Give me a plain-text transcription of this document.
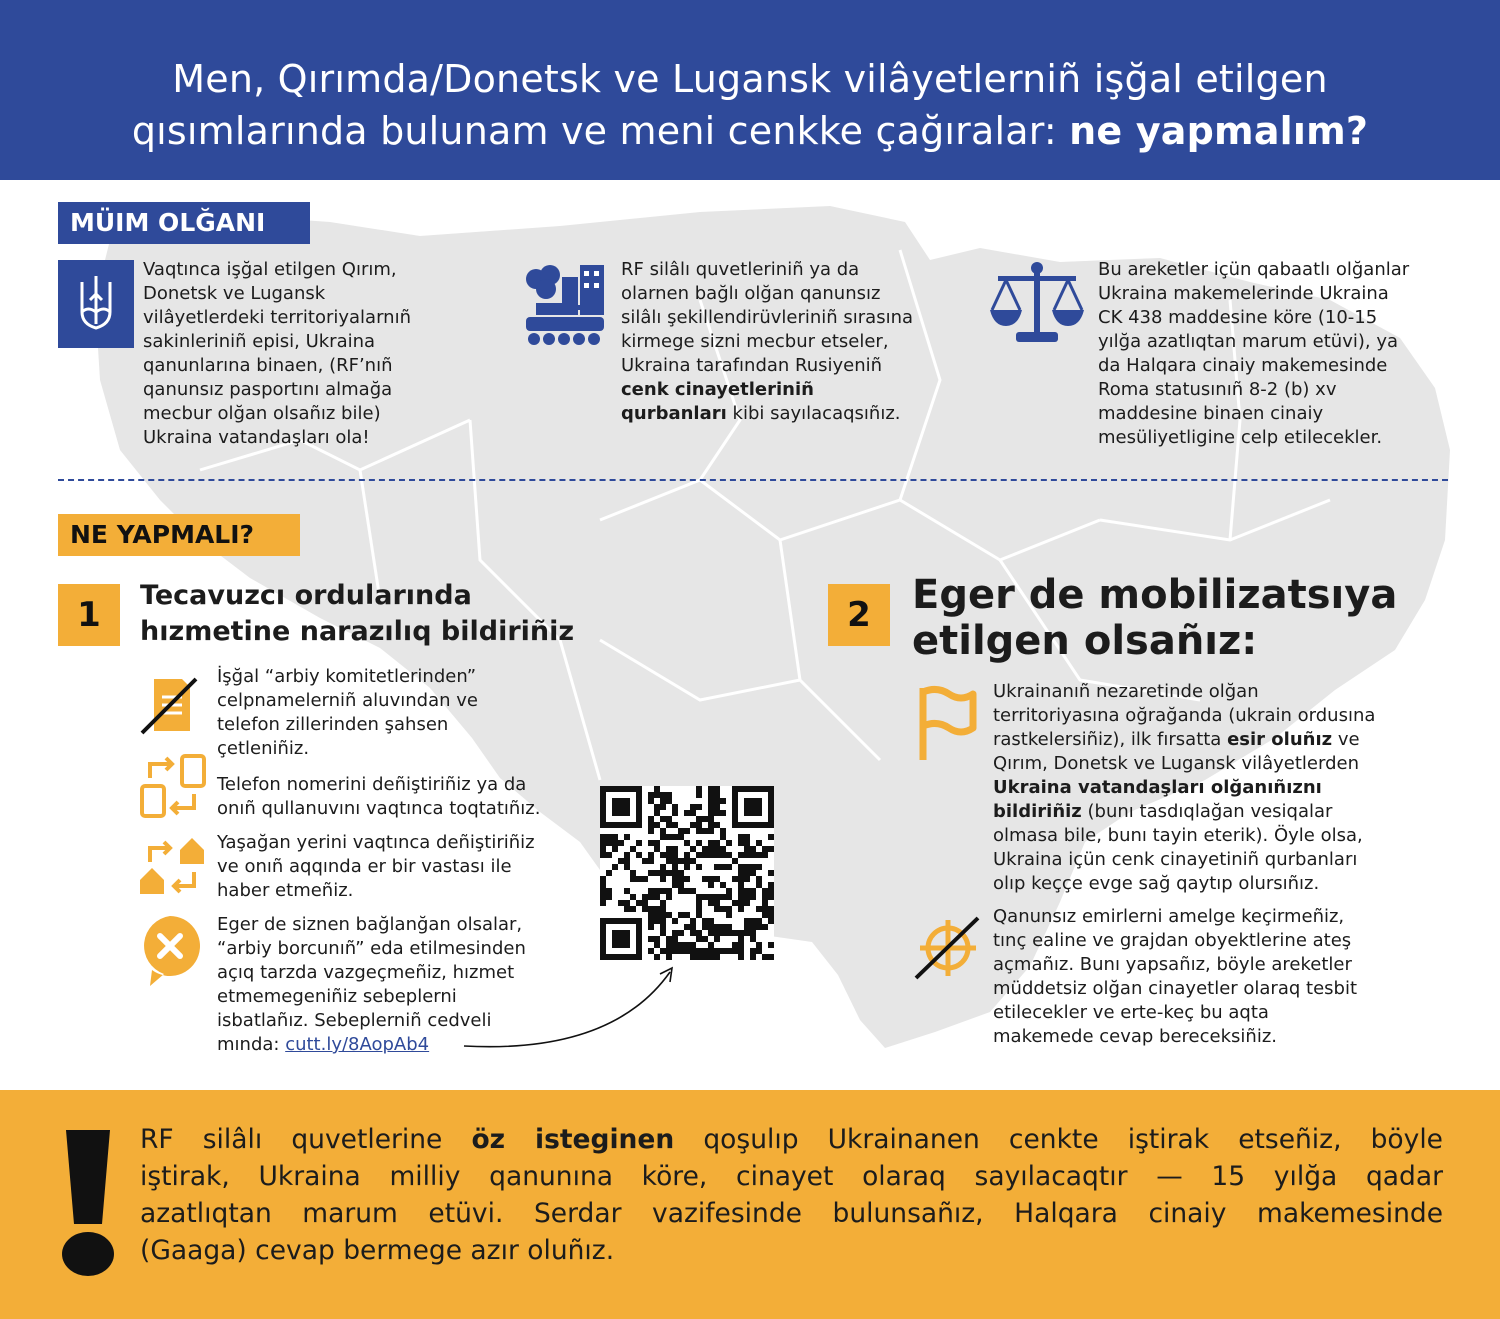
Men, Qırımda/Donetsk ve Lugansk vilâyetlerniñ işğal etilgen
qısımlarında bulunam ve meni cenkke çağıralar: ne yapmalım?
MÜIM OLĞANI
Vaqtınca işğal etilgen Qırım,
Donetsk ve Lugansk
vilâyetlerdeki territoriyalarnıñ
sakinleriniñ episi, Ukraina
qanunlarına binaen, (RF’nıñ
qanunsız pasportını almağa
mecbur olğan olsañız bile)
Ukraina vatandaşları ola!
RF silâlı quvetleriniñ ya da
olarnen bağlı olğan qanunsız
silâlı şekillendirüvleriniñ sırasına
kirmege sizni mecbur etseler,
Ukraina tarafından Rusiyeniñ
cenk cinayetleriniñ
qurbanları kibi sayılacaqsıñız.
Bu areketler içün qabaatlı olğanlar
Ukraina makemelerinde Ukraina
CK 438 maddesine köre (10-15
yılğa azatlıqtan marum etüvi), ya
da Halqara cinaiy makemesinde
Roma statusınıñ 8-2 (b) xv
maddesine binaen cinaiy
mesüliyetligine celp etilecekler.
NE YAPMALI?
1	Tecavuzcı ordularında
hızmetine narazılıq bildiriñiz
İşğal “arbiy komitetlerinden”
celpnamelerniñ aluvından ve
telefon zillerinden şahsen
çetleniñiz.
Telefon nomerini deñiştiriñiz ya da
onıñ qullanuvını vaqtınca toqtatıñız.
Yaşağan yerini vaqtınca deñiştiriñiz
ve onıñ aqqında er bir vastası ile
haber etmeñiz.
Eger de siznen bağlanğan olsalar,
“arbiy borcunıñ” eda etilmesinden
açıq tarzda vazgeçmeñiz, hızmet
etmemegeniñiz sebeplerni
isbatlañız. Sebeplerniñ cedveli
mında: cutt.ly/8AopAb4
2	Eger de mobilizatsıya
etilgen olsañız:
Ukrainanıñ nezaretinde olğan
territoriyasına oğrağanda (ukrain ordusına
rastkelersiñiz), ilk fırsatta esir oluñız ve
Qırım, Donetsk ve Lugansk vilâyetlerden
Ukraina vatandaşları olğanıñıznı
bildiriñiz (bunı tasdıqlağan vesiqalar
olmasa bile, bunı tayin eterik). Öyle olsa,
Ukraina içün cenk cinayetiniñ qurbanları
olıp keççe evge sağ qaytıp olursıñız.
Qanunsız emirlerni amelge keçirmeñiz,
tınç ealine ve grajdan obyektlerine ateş
açmañız. Bunı yapsañız, böyle areketler
müddetsiz olğan cinayetler olaraq tesbit
etilecekler ve erte-keç bu aqta
makemede cevap bereceksiñiz.
RF silâlı quvetlerine öz isteginen qoşulıp Ukrainanen cenkte iştirak etseñiz, böyle
iştirak, Ukraina milliy qanunına köre, cinayet olaraq sayılacaqtır — 15 yılğa qadar
azatlıqtan marum etüvi. Serdar vazifesinde bulunsañız, Halqara cinaiy makemesinde
(Gaaga) cevap bermege azır oluñız.
